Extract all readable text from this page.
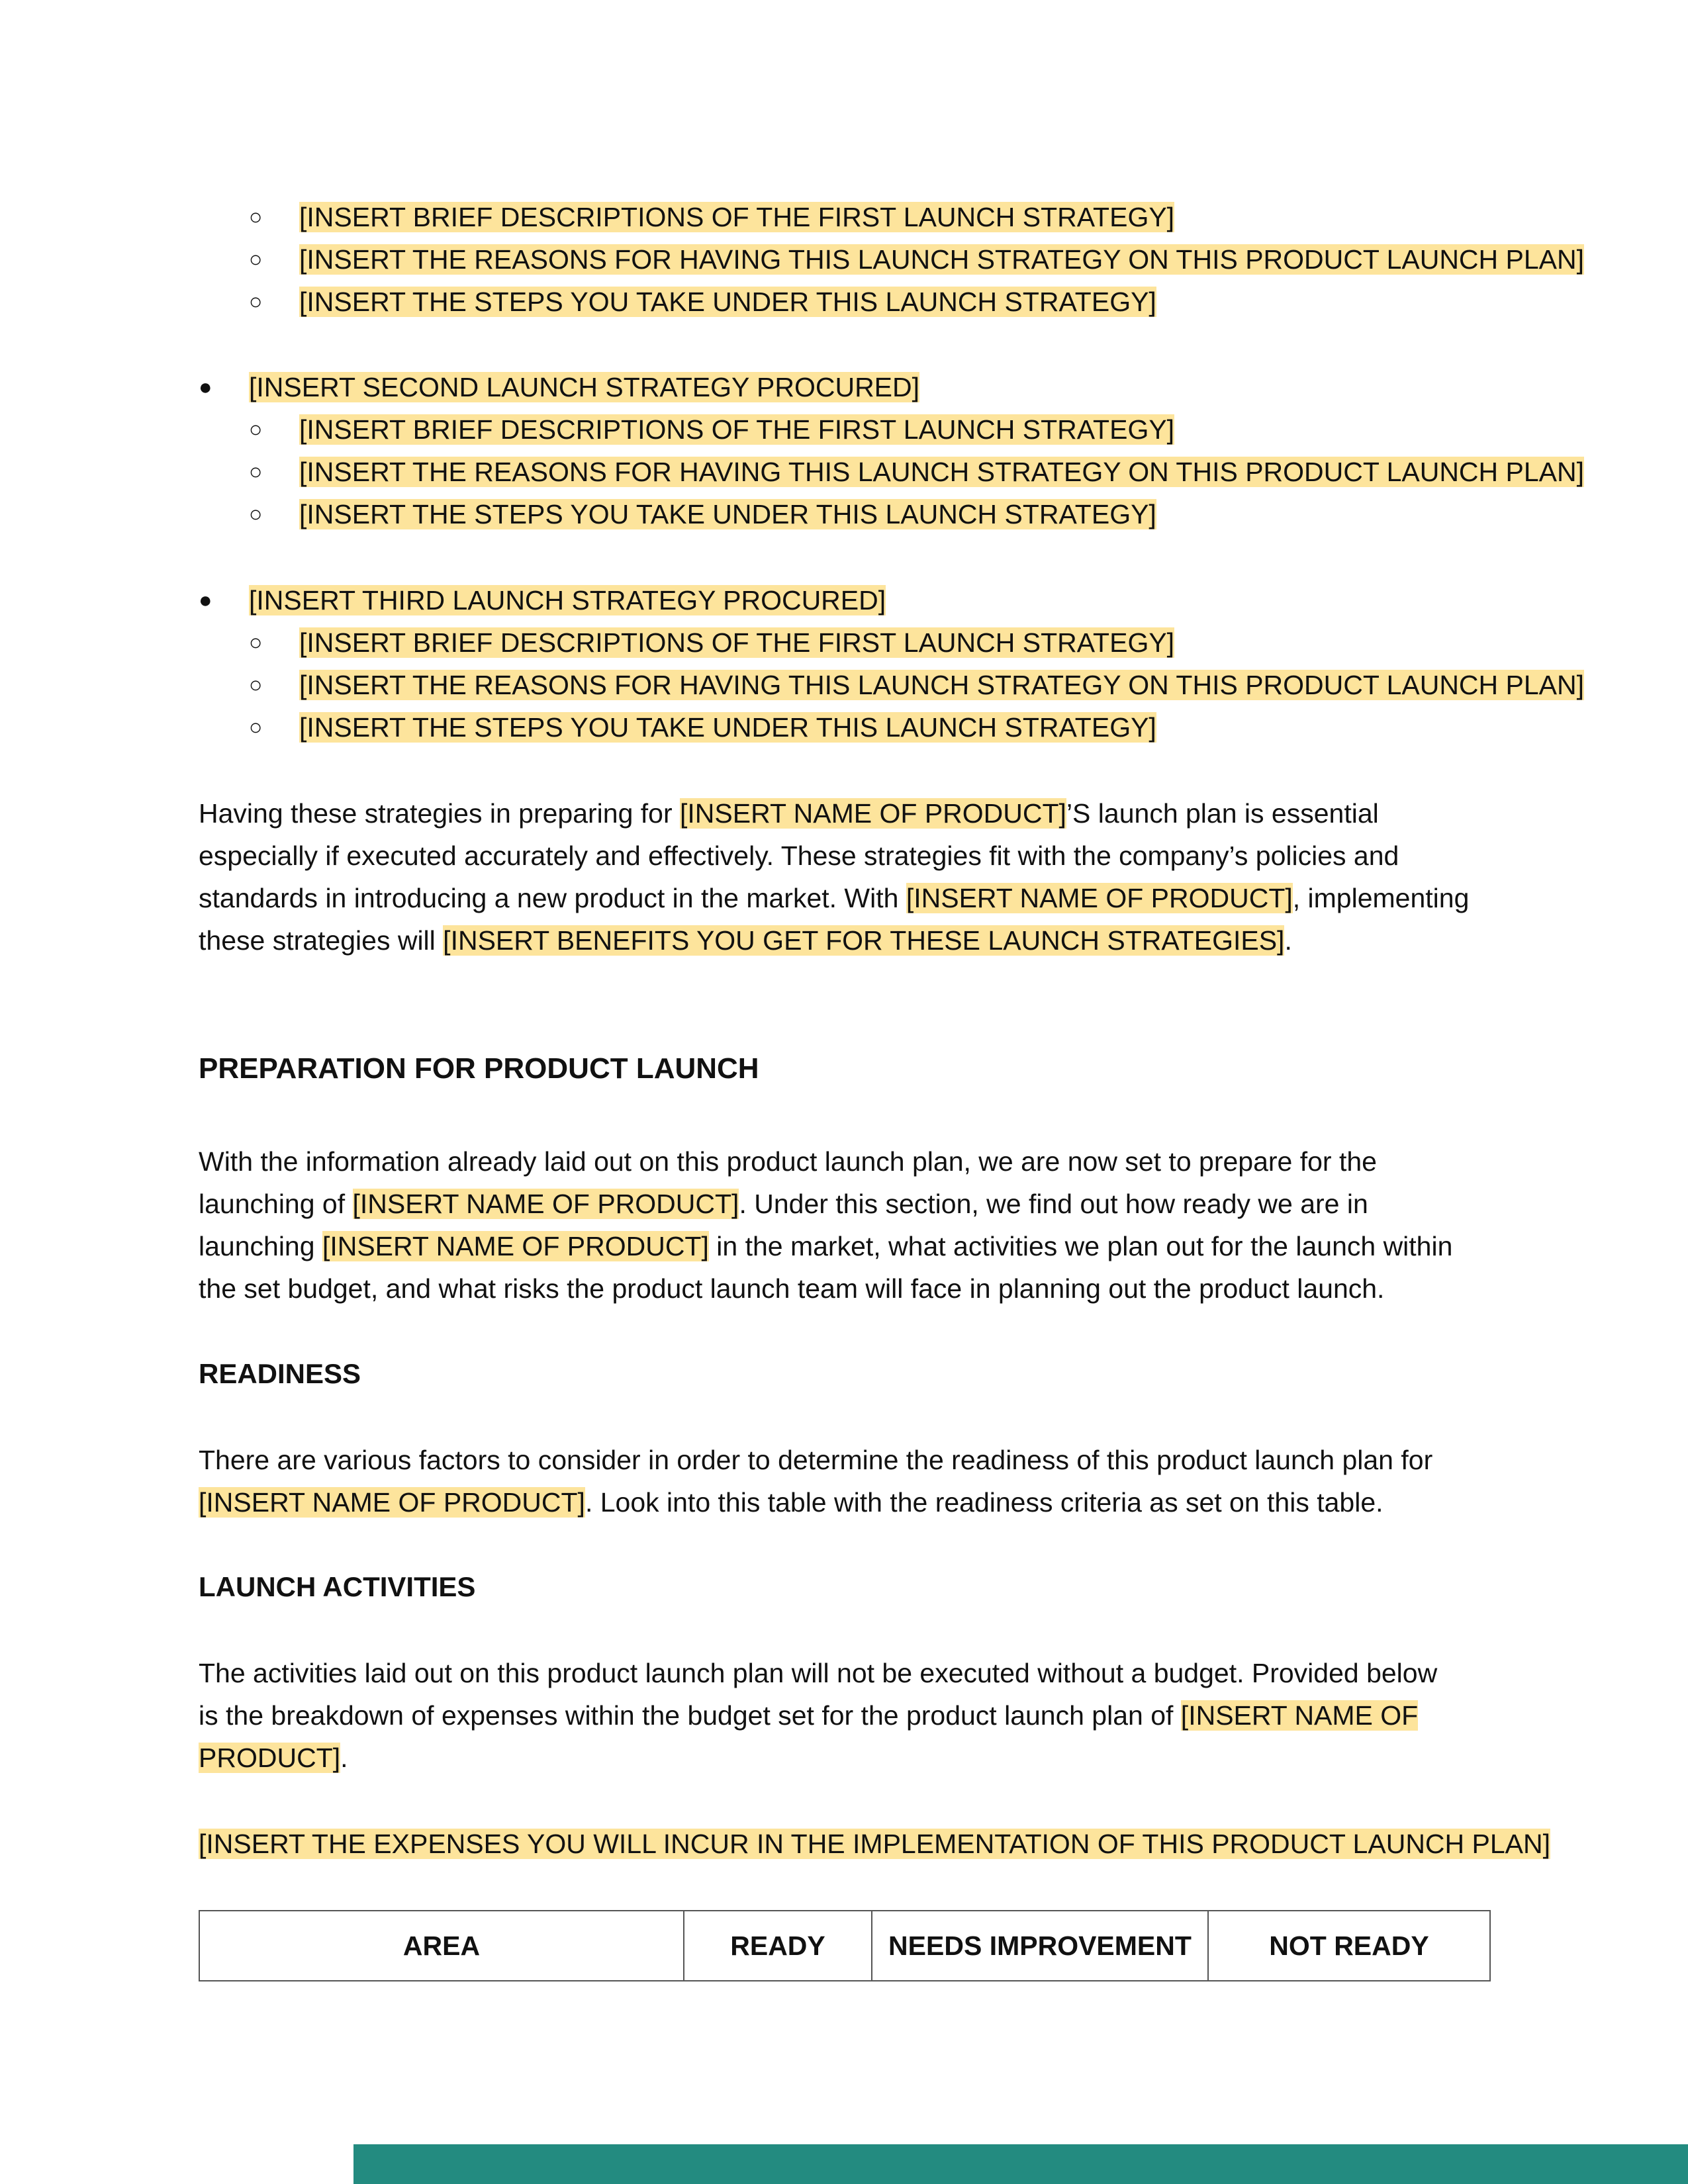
○ [INSERT BRIEF DESCRIPTIONS OF THE FIRST LAUNCH STRATEGY]
○ [INSERT THE REASONS FOR HAVING THIS LAUNCH STRATEGY ON THIS PRODUCT LAUNCH PLAN]
○ [INSERT THE STEPS YOU TAKE UNDER THIS LAUNCH STRATEGY]
● [INSERT SECOND LAUNCH STRATEGY PROCURED]
○ [INSERT BRIEF DESCRIPTIONS OF THE FIRST LAUNCH STRATEGY]
○ [INSERT THE REASONS FOR HAVING THIS LAUNCH STRATEGY ON THIS PRODUCT LAUNCH PLAN]
○ [INSERT THE STEPS YOU TAKE UNDER THIS LAUNCH STRATEGY]
● [INSERT THIRD LAUNCH STRATEGY PROCURED]
○ [INSERT BRIEF DESCRIPTIONS OF THE FIRST LAUNCH STRATEGY]
○ [INSERT THE REASONS FOR HAVING THIS LAUNCH STRATEGY ON THIS PRODUCT LAUNCH PLAN]
○ [INSERT THE STEPS YOU TAKE UNDER THIS LAUNCH STRATEGY]
Having these strategies in preparing for [INSERT NAME OF PRODUCT]’S launch plan is essential
especially if executed accurately and effectively. These strategies fit with the company’s policies and
standards in introducing a new product in the market. With [INSERT NAME OF PRODUCT], implementing
these strategies will [INSERT BENEFITS YOU GET FOR THESE LAUNCH STRATEGIES].
PREPARATION FOR PRODUCT LAUNCH
With the information already laid out on this product launch plan, we are now set to prepare for the
launching of [INSERT NAME OF PRODUCT]. Under this section, we find out how ready we are in
launching [INSERT NAME OF PRODUCT] in the market, what activities we plan out for the launch within
the set budget, and what risks the product launch team will face in planning out the product launch.
READINESS
There are various factors to consider in order to determine the readiness of this product launch plan for
[INSERT NAME OF PRODUCT]. Look into this table with the readiness criteria as set on this table.
LAUNCH ACTIVITIES
The activities laid out on this product launch plan will not be executed without a budget. Provided below
is the breakdown of expenses within the budget set for the product launch plan of [INSERT NAME OF
PRODUCT].
[INSERT THE EXPENSES YOU WILL INCUR IN THE IMPLEMENTATION OF THIS PRODUCT LAUNCH PLAN]
AREA	READY	NEEDS IMPROVEMENT	NOT READY
